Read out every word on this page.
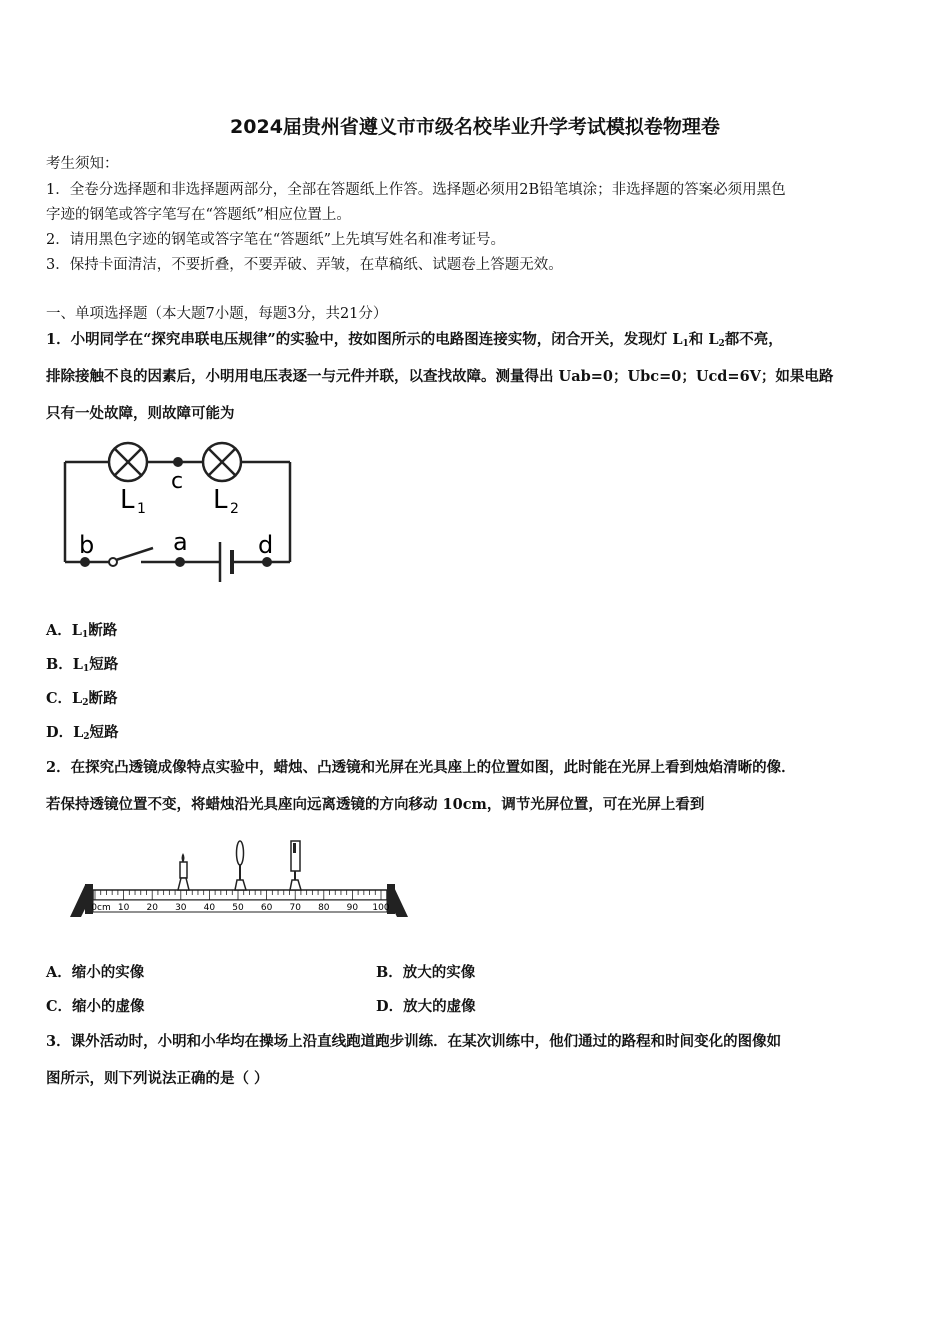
2024届贵州省遵义市市级名校毕业升学考试模拟卷物理卷
考生须知：
1．全卷分选择题和非选择题两部分，全部在答题纸上作答。选择题必须用2B铅笔填涂；非选择题的答案必须用黑色
字迹的钢笔或答字笔写在“答题纸”相应位置上。
2．请用黑色字迹的钢笔或答字笔在“答题纸”上先填写姓名和准考证号。
3．保持卡面清洁，不要折叠，不要弄破、弄皱，在草稿纸、试题卷上答题无效。
一、单项选择题（本大题7小题，每题3分，共21分）
1．小明同学在“探究串联电压规律”的实验中，按如图所示的电路图连接实物，闭合开关，发现灯 $L_1$和 $L_2$都不亮，
排除接触不良的因素后，小明用电压表逐一与元件并联，以查找故障。测量得出 Uab=0；Ubc=0；Ucd=6V；如果电路
只有一处故障，则故障可能为
c
L 1	L 2
b	a	d
A．$L_1$断路
B．$L_1$短路
C．$L_2$断路
D．$L_2$短路
2．在探究凸透镜成像特点实验中，蜡烛、凸透镜和光屏在光具座上的位置如图，此时能在光屏上看到烛焰清晰的像．
若保持透镜位置不变，将蜡烛沿光具座向远离透镜的方向移动 10cm，调节光屏位置，可在光屏上看到
0cm 10 20 30 40 50 60 70 80 90 100
A．缩小的实像	B．放大的实像
C．缩小的虚像	D．放大的虚像
3．课外活动时，小明和小华均在操场上沿直线跑道跑步训练．在某次训练中，他们通过的路程和时间变化的图像如
图所示，则下列说法正确的是（ ）
